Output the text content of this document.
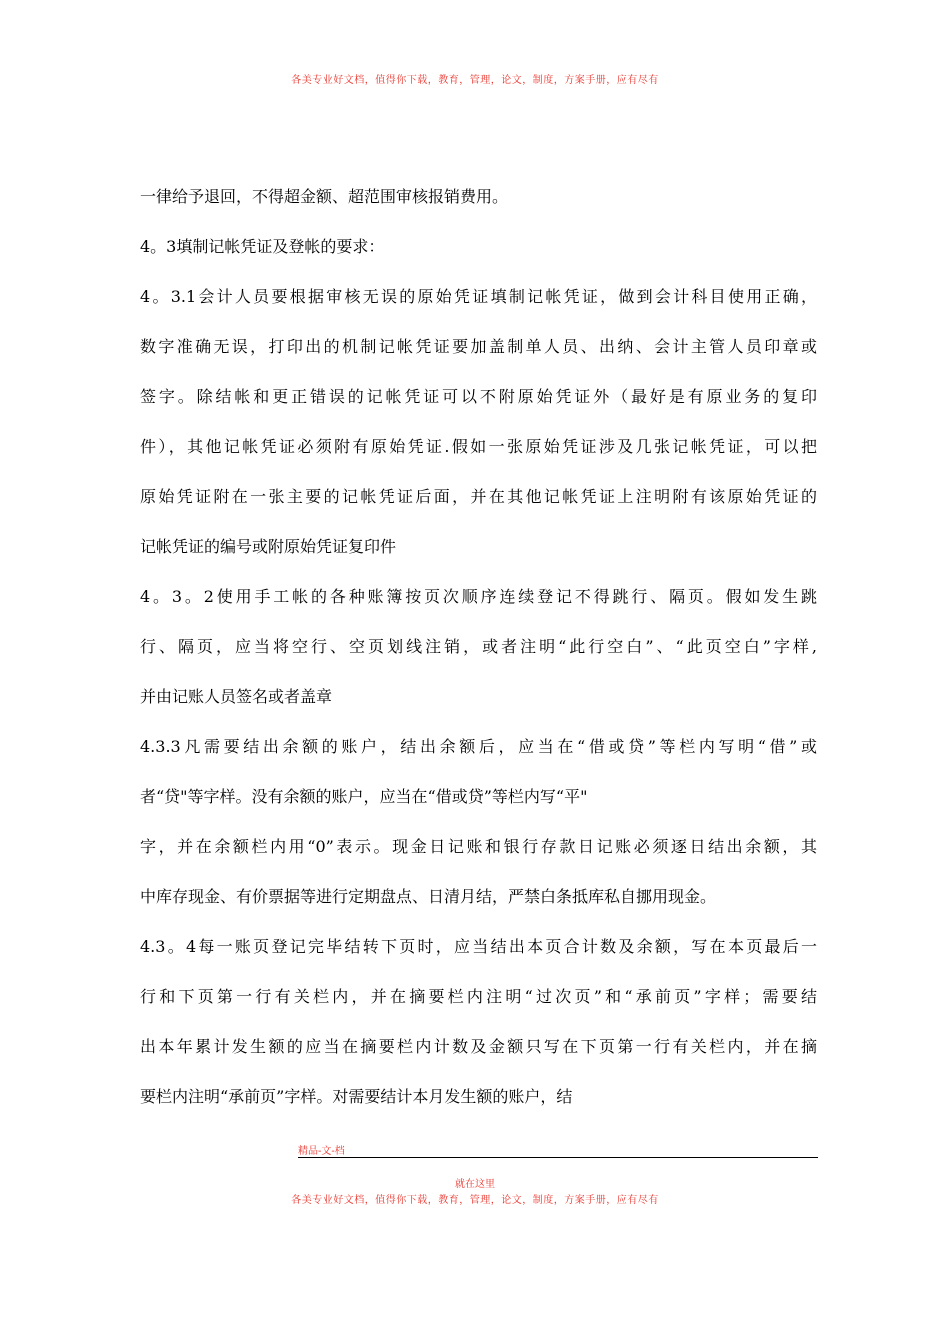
各美专业好文档，值得你下载，教育，管理，论文，制度，方案手册，应有尽有
一律给予退回，不得超金额、超范围审核报销费用。
4。3填制记帐凭证及登帐的要求：
4。3.1会计人员要根据审核无误的原始凭证填制记帐凭证，做到会计科目使用正确，
数字准确无误，打印出的机制记帐凭证要加盖制单人员、出纳、会计主管人员印章或
签字。除结帐和更正错误的记帐凭证可以不附原始凭证外（最好是有原业务的复印
件），其他记帐凭证必须附有原始凭证.假如一张原始凭证涉及几张记帐凭证，可以把
原始凭证附在一张主要的记帐凭证后面，并在其他记帐凭证上注明附有该原始凭证的
记帐凭证的编号或附原始凭证复印件
4。3。2使用手工帐的各种账簿按页次顺序连续登记不得跳行、隔页。假如发生跳
行、隔页，应当将空行、空页划线注销，或者注明“此行空白”、“此页空白”字样,
并由记账人员签名或者盖章
4.3.3凡需要结出余额的账户，结出余额后，应当在“借或贷”等栏内写明“借”或
者“贷"等字样。没有余额的账户，应当在“借或贷”等栏内写“平"
字，并在余额栏内用“0”表示。现金日记账和银行存款日记账必须逐日结出余额，其
中库存现金、有价票据等进行定期盘点、日清月结，严禁白条抵库私自挪用现金。
4.3。4每一账页登记完毕结转下页时，应当结出本页合计数及余额，写在本页最后一
行和下页第一行有关栏内，并在摘要栏内注明“过次页”和“承前页”字样；需要结
出本年累计发生额的应当在摘要栏内计数及金额只写在下页第一行有关栏内，并在摘
要栏内注明“承前页”字样。对需要结计本月发生额的账户，结
精品-文-档
就在这里
各美专业好文档，值得你下载，教育，管理，论文，制度，方案手册，应有尽有
